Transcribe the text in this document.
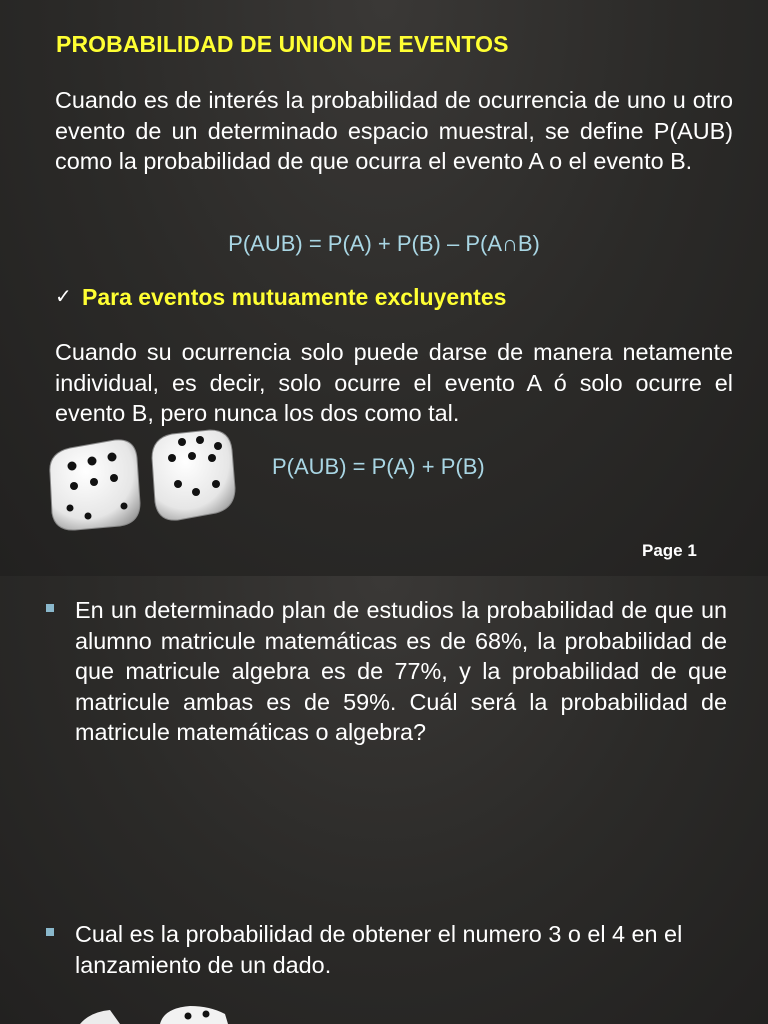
PROBABILIDAD DE UNION DE EVENTOS

Cuando es de interés la probabilidad de ocurrencia de uno u otro evento de un determinado espacio muestral, se define P(AUB) como la probabilidad de que ocurra el evento A o el evento B.

P(AUB) = P(A) + P(B) – P(A∩B)

✓ Para eventos mutuamente excluyentes

Cuando su ocurrencia solo puede darse de manera netamente individual, es decir, solo ocurre el evento A ó solo ocurre el evento B, pero nunca los dos como tal.

P(AUB) = P(A) + P(B)

Page 1

En un determinado plan de estudios la probabilidad de que un alumno matricule matemáticas es de 68%, la probabilidad de que matricule algebra es de 77%, y la probabilidad de que matricule ambas es de 59%. Cuál será la probabilidad de matricule matemáticas o algebra?

Cual es la probabilidad de obtener el numero 3 o el 4 en el lanzamiento de un dado.
